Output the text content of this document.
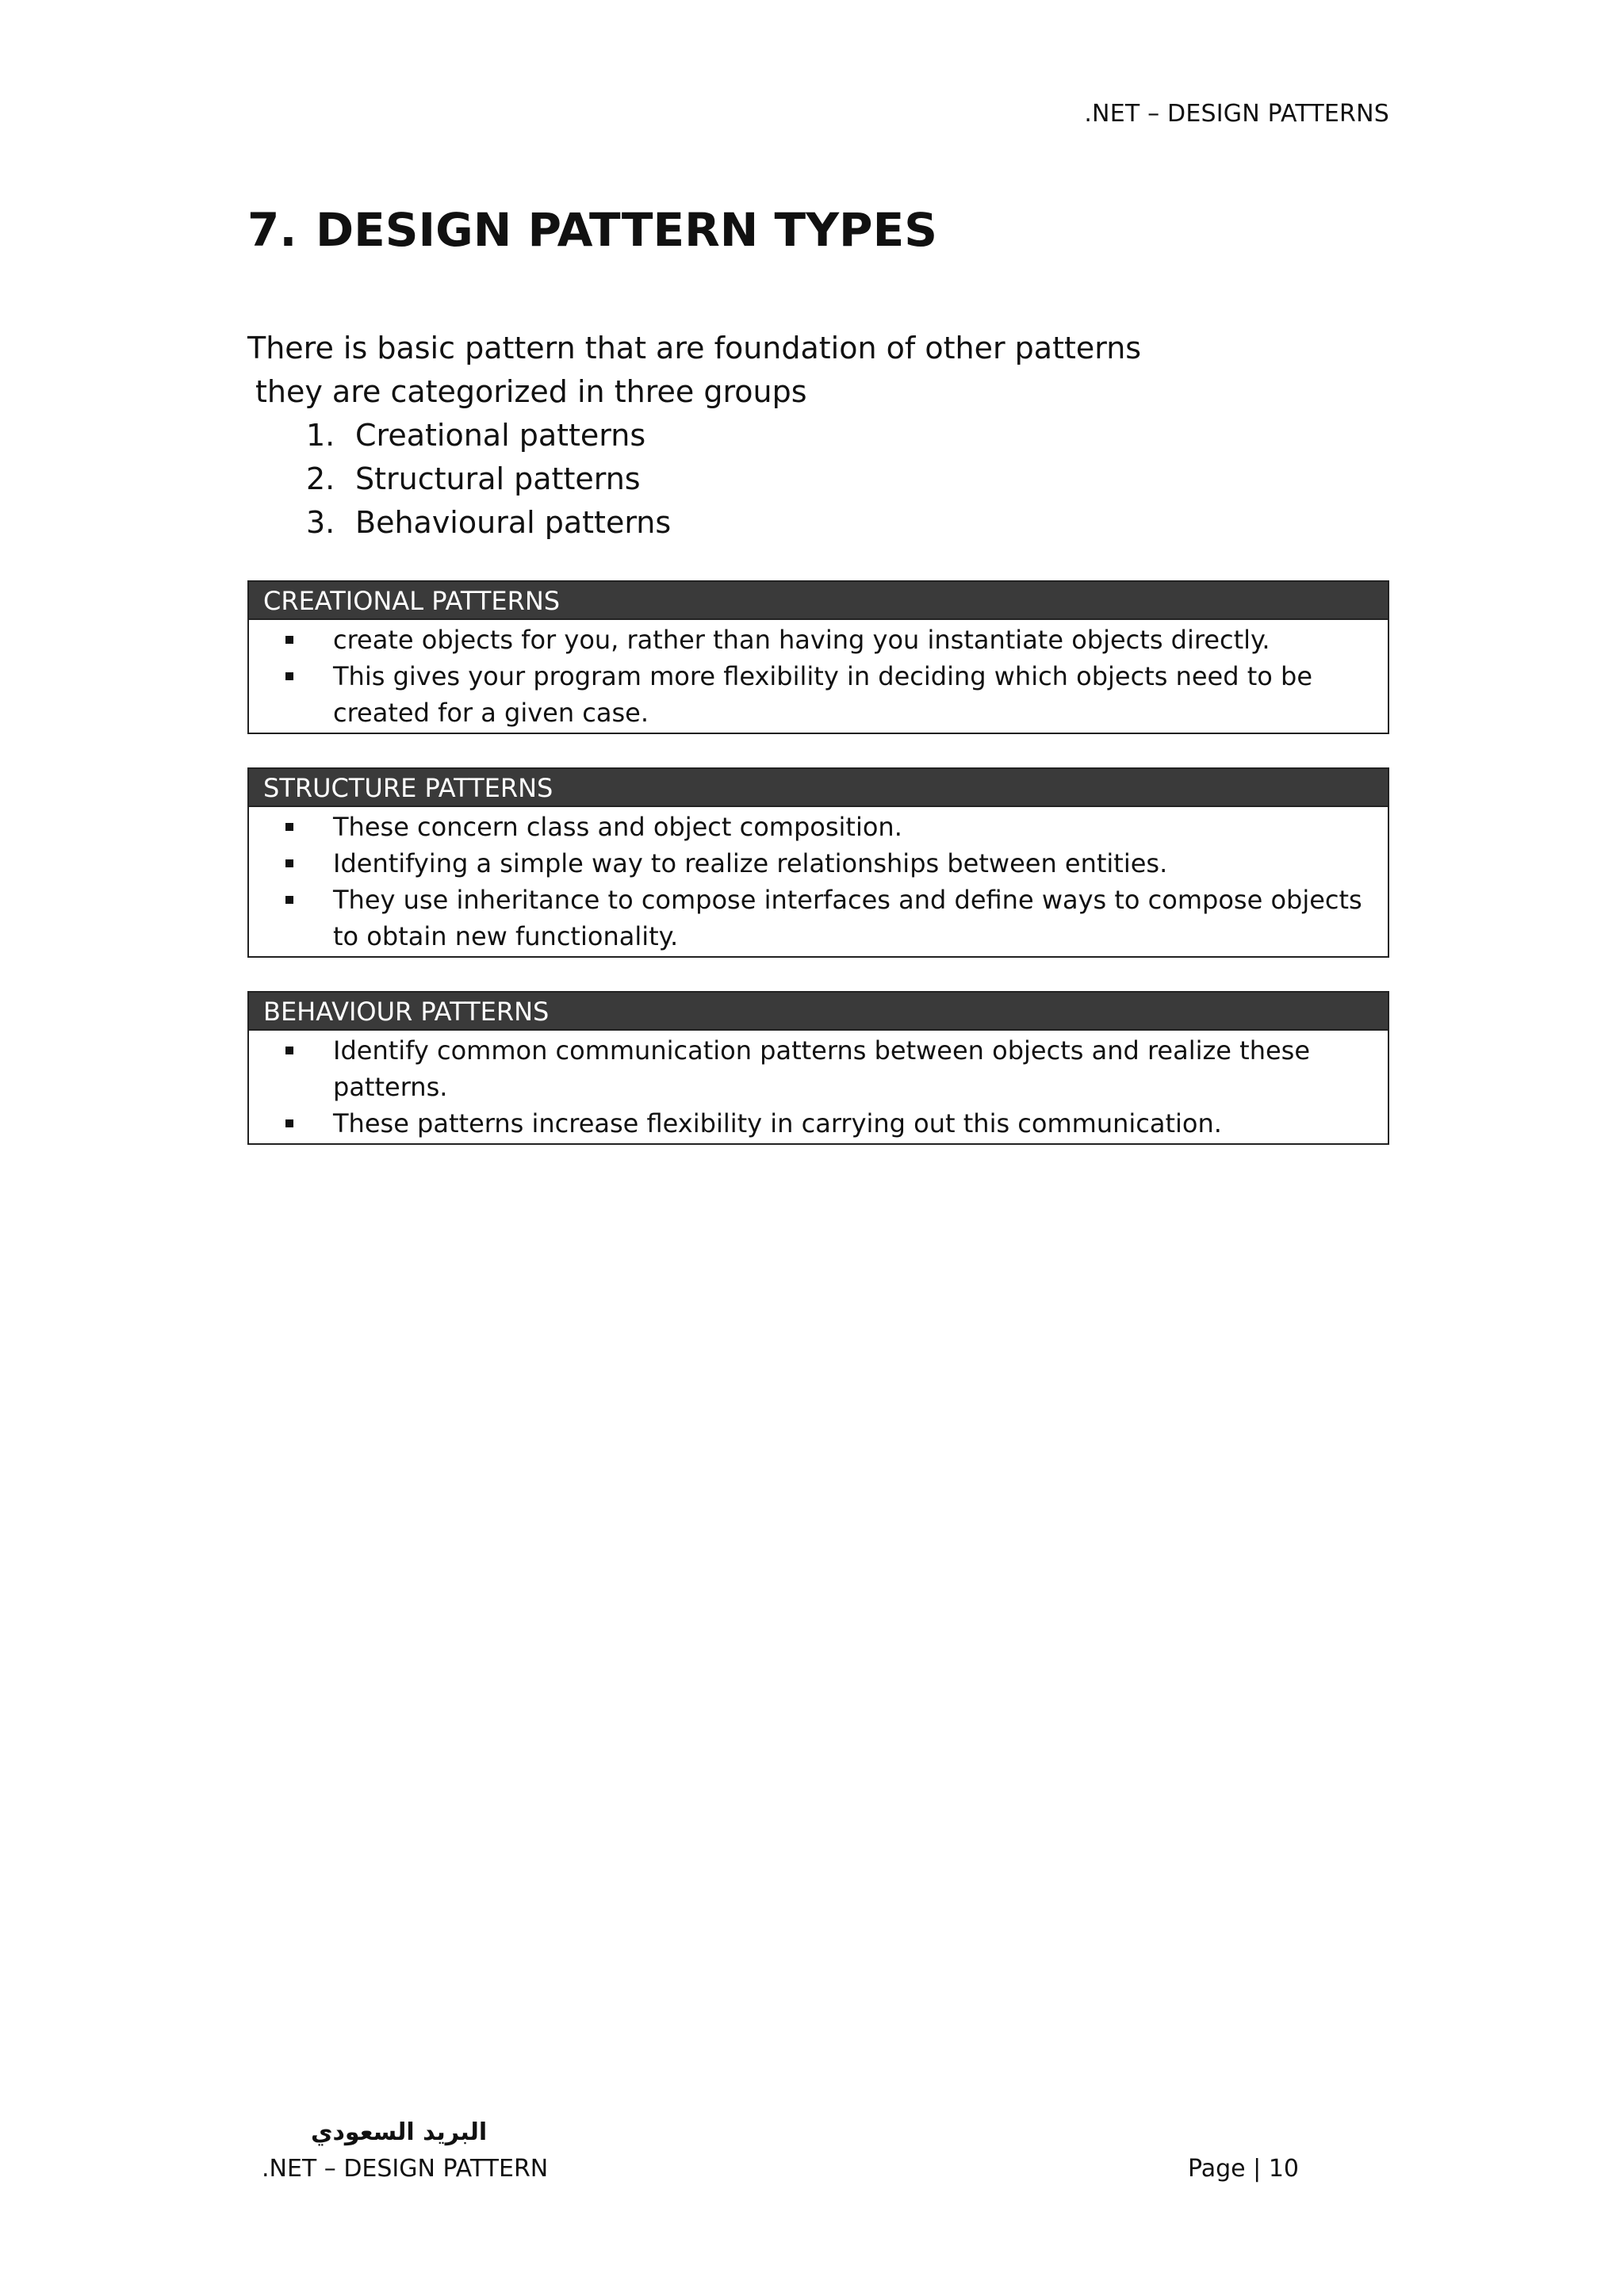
.NET – DESIGN PATTERNS
7. DESIGN PATTERN TYPES

There is basic pattern that are foundation of other patterns

they are categorized in three groups

1. Creational patterns
2. Structural patterns
3. Behavioural patterns
CREATIONAL PATTERNS
create objects for you, rather than having you instantiate objects directly.
This gives your program more flexibility in deciding which objects need to be created for a given case.
STRUCTURE PATTERNS
These concern class and object composition.
Identifying a simple way to realize relationships between entities.
They use inheritance to compose interfaces and define ways to compose objects to obtain new functionality.
BEHAVIOUR PATTERNS
Identify common communication patterns between objects and realize these patterns.
These patterns increase flexibility in carrying out this communication.
البريد السعودي
.NET – DESIGN PATTERN	Page | 10
